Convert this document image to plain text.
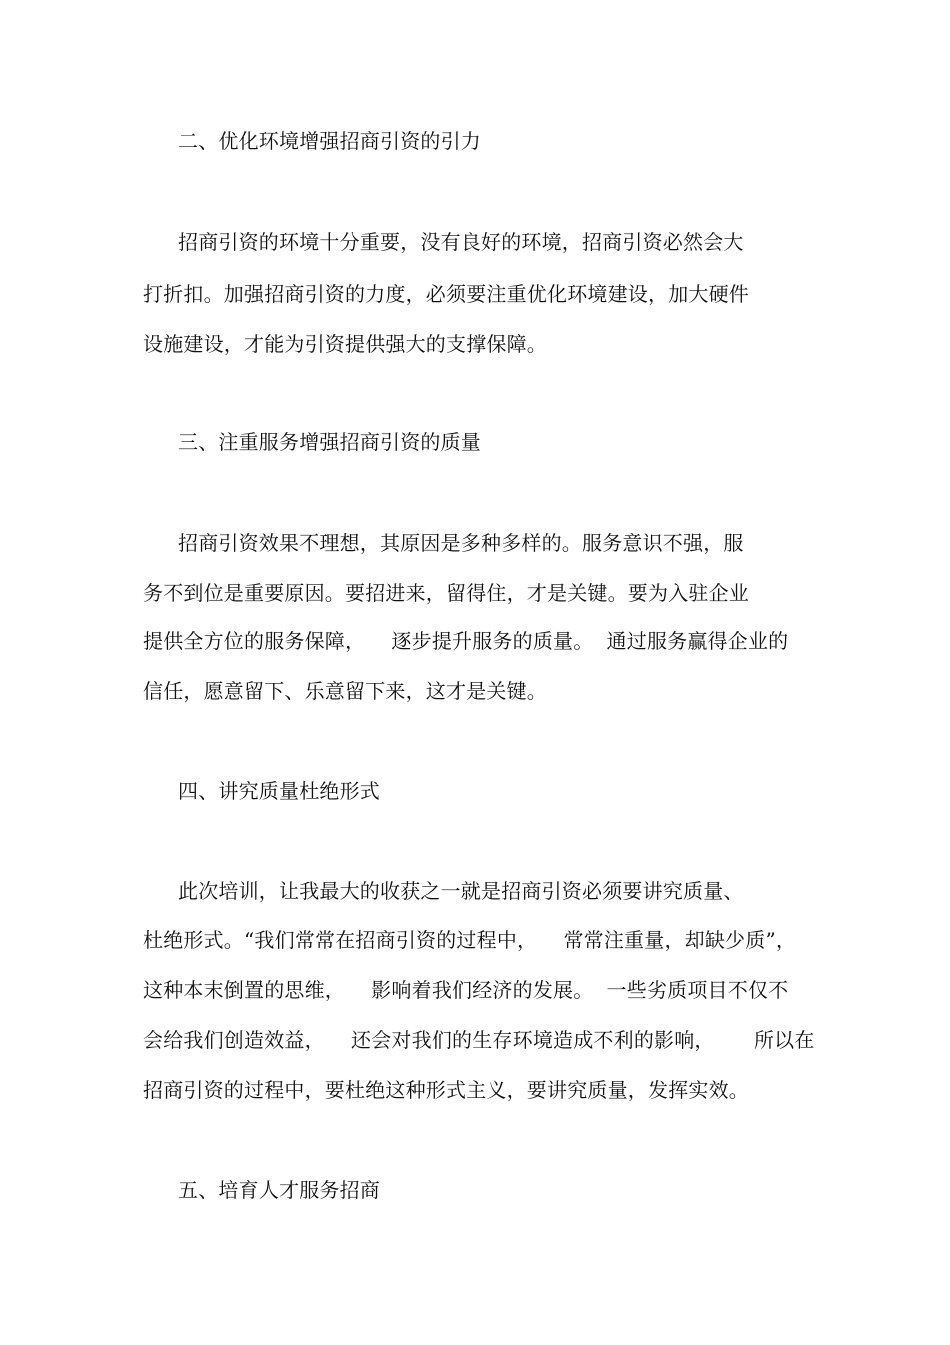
二、优化环境增强招商引资的引力
招商引资的环境十分重要，没有良好的环境，招商引资必然会大
打折扣。加强招商引资的力度，必须要注重优化环境建设，加大硬件
设施建设，才能为引资提供强大的支撑保障。
三、注重服务增强招商引资的质量
招商引资效果不理想，其原因是多种多样的。服务意识不强，服
务不到位是重要原因。要招进来，留得住，才是关键。要为入驻企业
提供全方位的服务保障，    逐步提升服务的质量。  通过服务赢得企业的
信任，愿意留下、乐意留下来，这才是关键。
四、讲究质量杜绝形式
此次培训，让我最大的收获之一就是招商引资必须要讲究质量、
杜绝形式。“我们常常在招商引资的过程中，    常常注重量，却缺少质”，
这种本末倒置的思维，    影响着我们经济的发展。  一些劣质项目不仅不
会给我们创造效益，    还会对我们的生存环境造成不利的影响，      所以在
招商引资的过程中，要杜绝这种形式主义，要讲究质量，发挥实效。
五、培育人才服务招商
